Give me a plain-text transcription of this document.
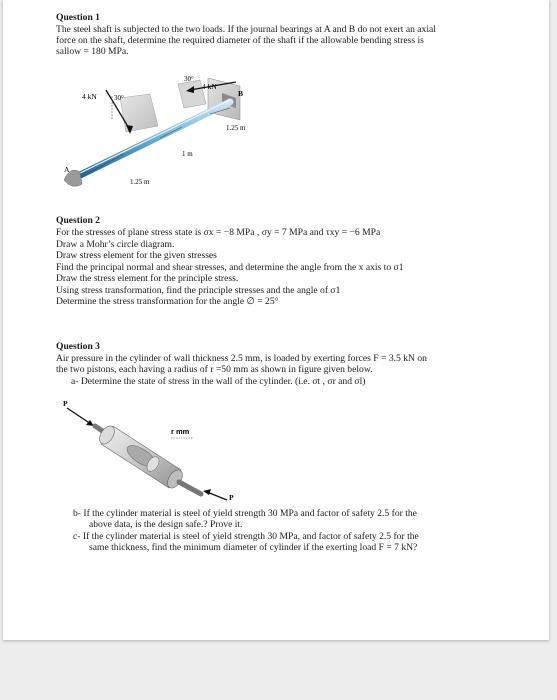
Question 1
The steel shaft is subjected to the two loads. If the journal bearings at A and B do not exert an axial
force on the shaft, determine the required diameter of the shaft if the allowable bending stress is
sallow = 180 MPa.
4 kN 30°
30°
4 kN
B
1.25 m
1 m
A
1.25 m
Question 2
For the stresses of plane stress state is σx = −8 MPa , σy = 7 MPa and τxy = −6 MPa
Draw a Mohr’s circle diagram.
Draw stress element for the given stresses
Find the principal normal and shear stresses, and determine the angle from the x axis to σ1
Draw the stress element for the principle stress.
Using stress transformation, find the principle stresses and the angle of σ1
Determine the stress transformation for the angle ∅ = 25°
Question 3
Air pressure in the cylinder of wall thickness 2.5 mm, is loaded by exerting forces F = 3.5 kN on
the two pistons, each having a radius of r =50 mm as shown in figure given below.
a- Determine the state of stress in the wall of the cylinder. (i.e. σt , σr and σl)
P
P
r mm
b- If the cylinder material is steel of yield strength 30 MPa and factor of safety 2.5 for the
above data, is the design safe.? Prove it.
c- If the cylinder material is steel of yield strength 30 MPa, and factor of safety 2.5 for the
same thickness, find the minimum diameter of cylinder if the exerting load F = 7 kN?
